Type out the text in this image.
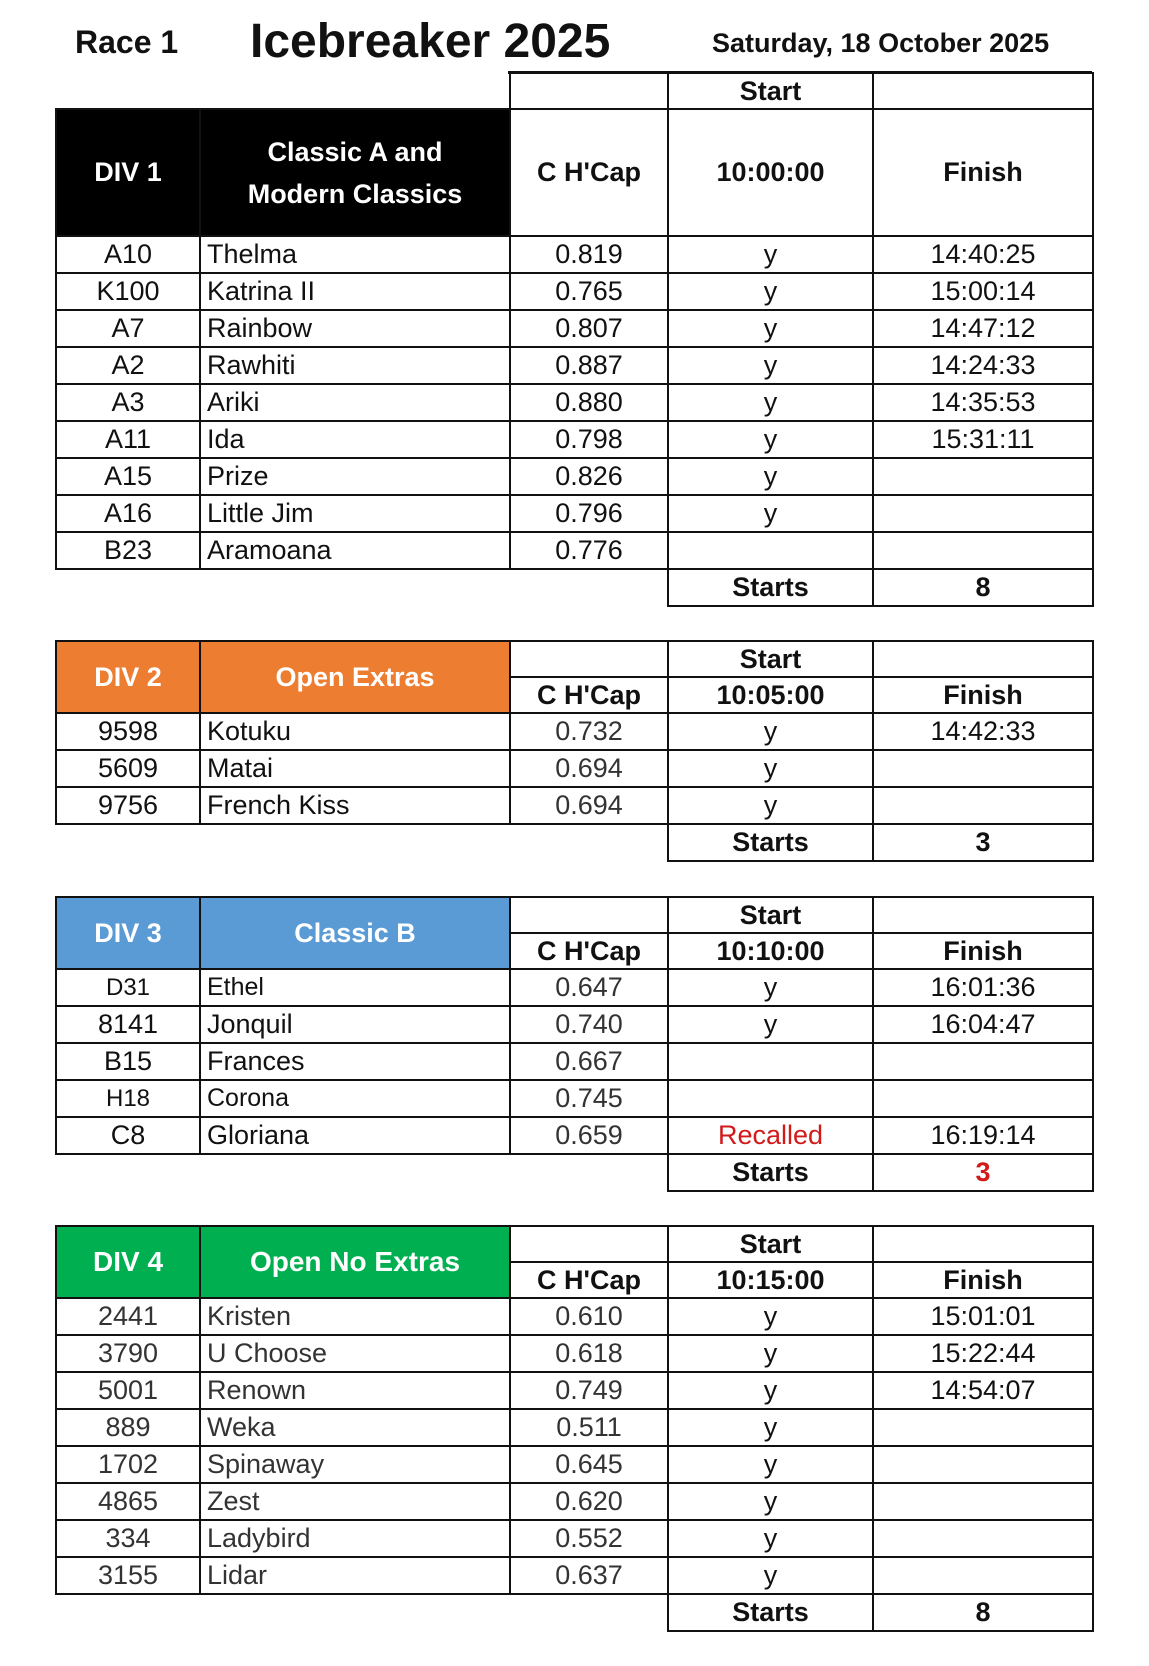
Race 1 Icebreaker 2025	Saturday, 18 October 2025
			Start	
DIV 1	Classic A and
Modern Classics	C H'Cap	10:00:00	Finish
A10	Thelma	0.819	y	14:40:25
K100	Katrina II	0.765	y	15:00:14
A7	Rainbow	0.807	y	14:47:12
A2	Rawhiti	0.887	y	14:24:33
A3	Ariki	0.880	y	14:35:53
A11	Ida	0.798	y	15:31:11
A15	Prize	0.826	y	
A16	Little Jim	0.796	y	
B23	Aramoana	0.776		
			Starts	8
DIV 2	Open Extras		Start	
		C H'Cap	10:05:00	Finish
9598	Kotuku	0.732	y	14:42:33
5609	Matai	0.694	y	
9756	French Kiss	0.694	y	
			Starts	3
DIV 3	Classic B		Start	
		C H'Cap	10:10:00	Finish
D31	Ethel	0.647	y	16:01:36
8141	Jonquil	0.740	y	16:04:47
B15	Frances	0.667		
H18	Corona	0.745		
C8	Gloriana	0.659	Recalled	16:19:14
			Starts	3
DIV 4	Open No Extras		Start	
		C H'Cap	10:15:00	Finish
2441	Kristen	0.610	y	15:01:01
3790	U Choose	0.618	y	15:22:44
5001	Renown	0.749	y	14:54:07
889	Weka	0.511	y	
1702	Spinaway	0.645	y	
4865	Zest	0.620	y	
334	Ladybird	0.552	y	
3155	Lidar	0.637	y	
			Starts	8
